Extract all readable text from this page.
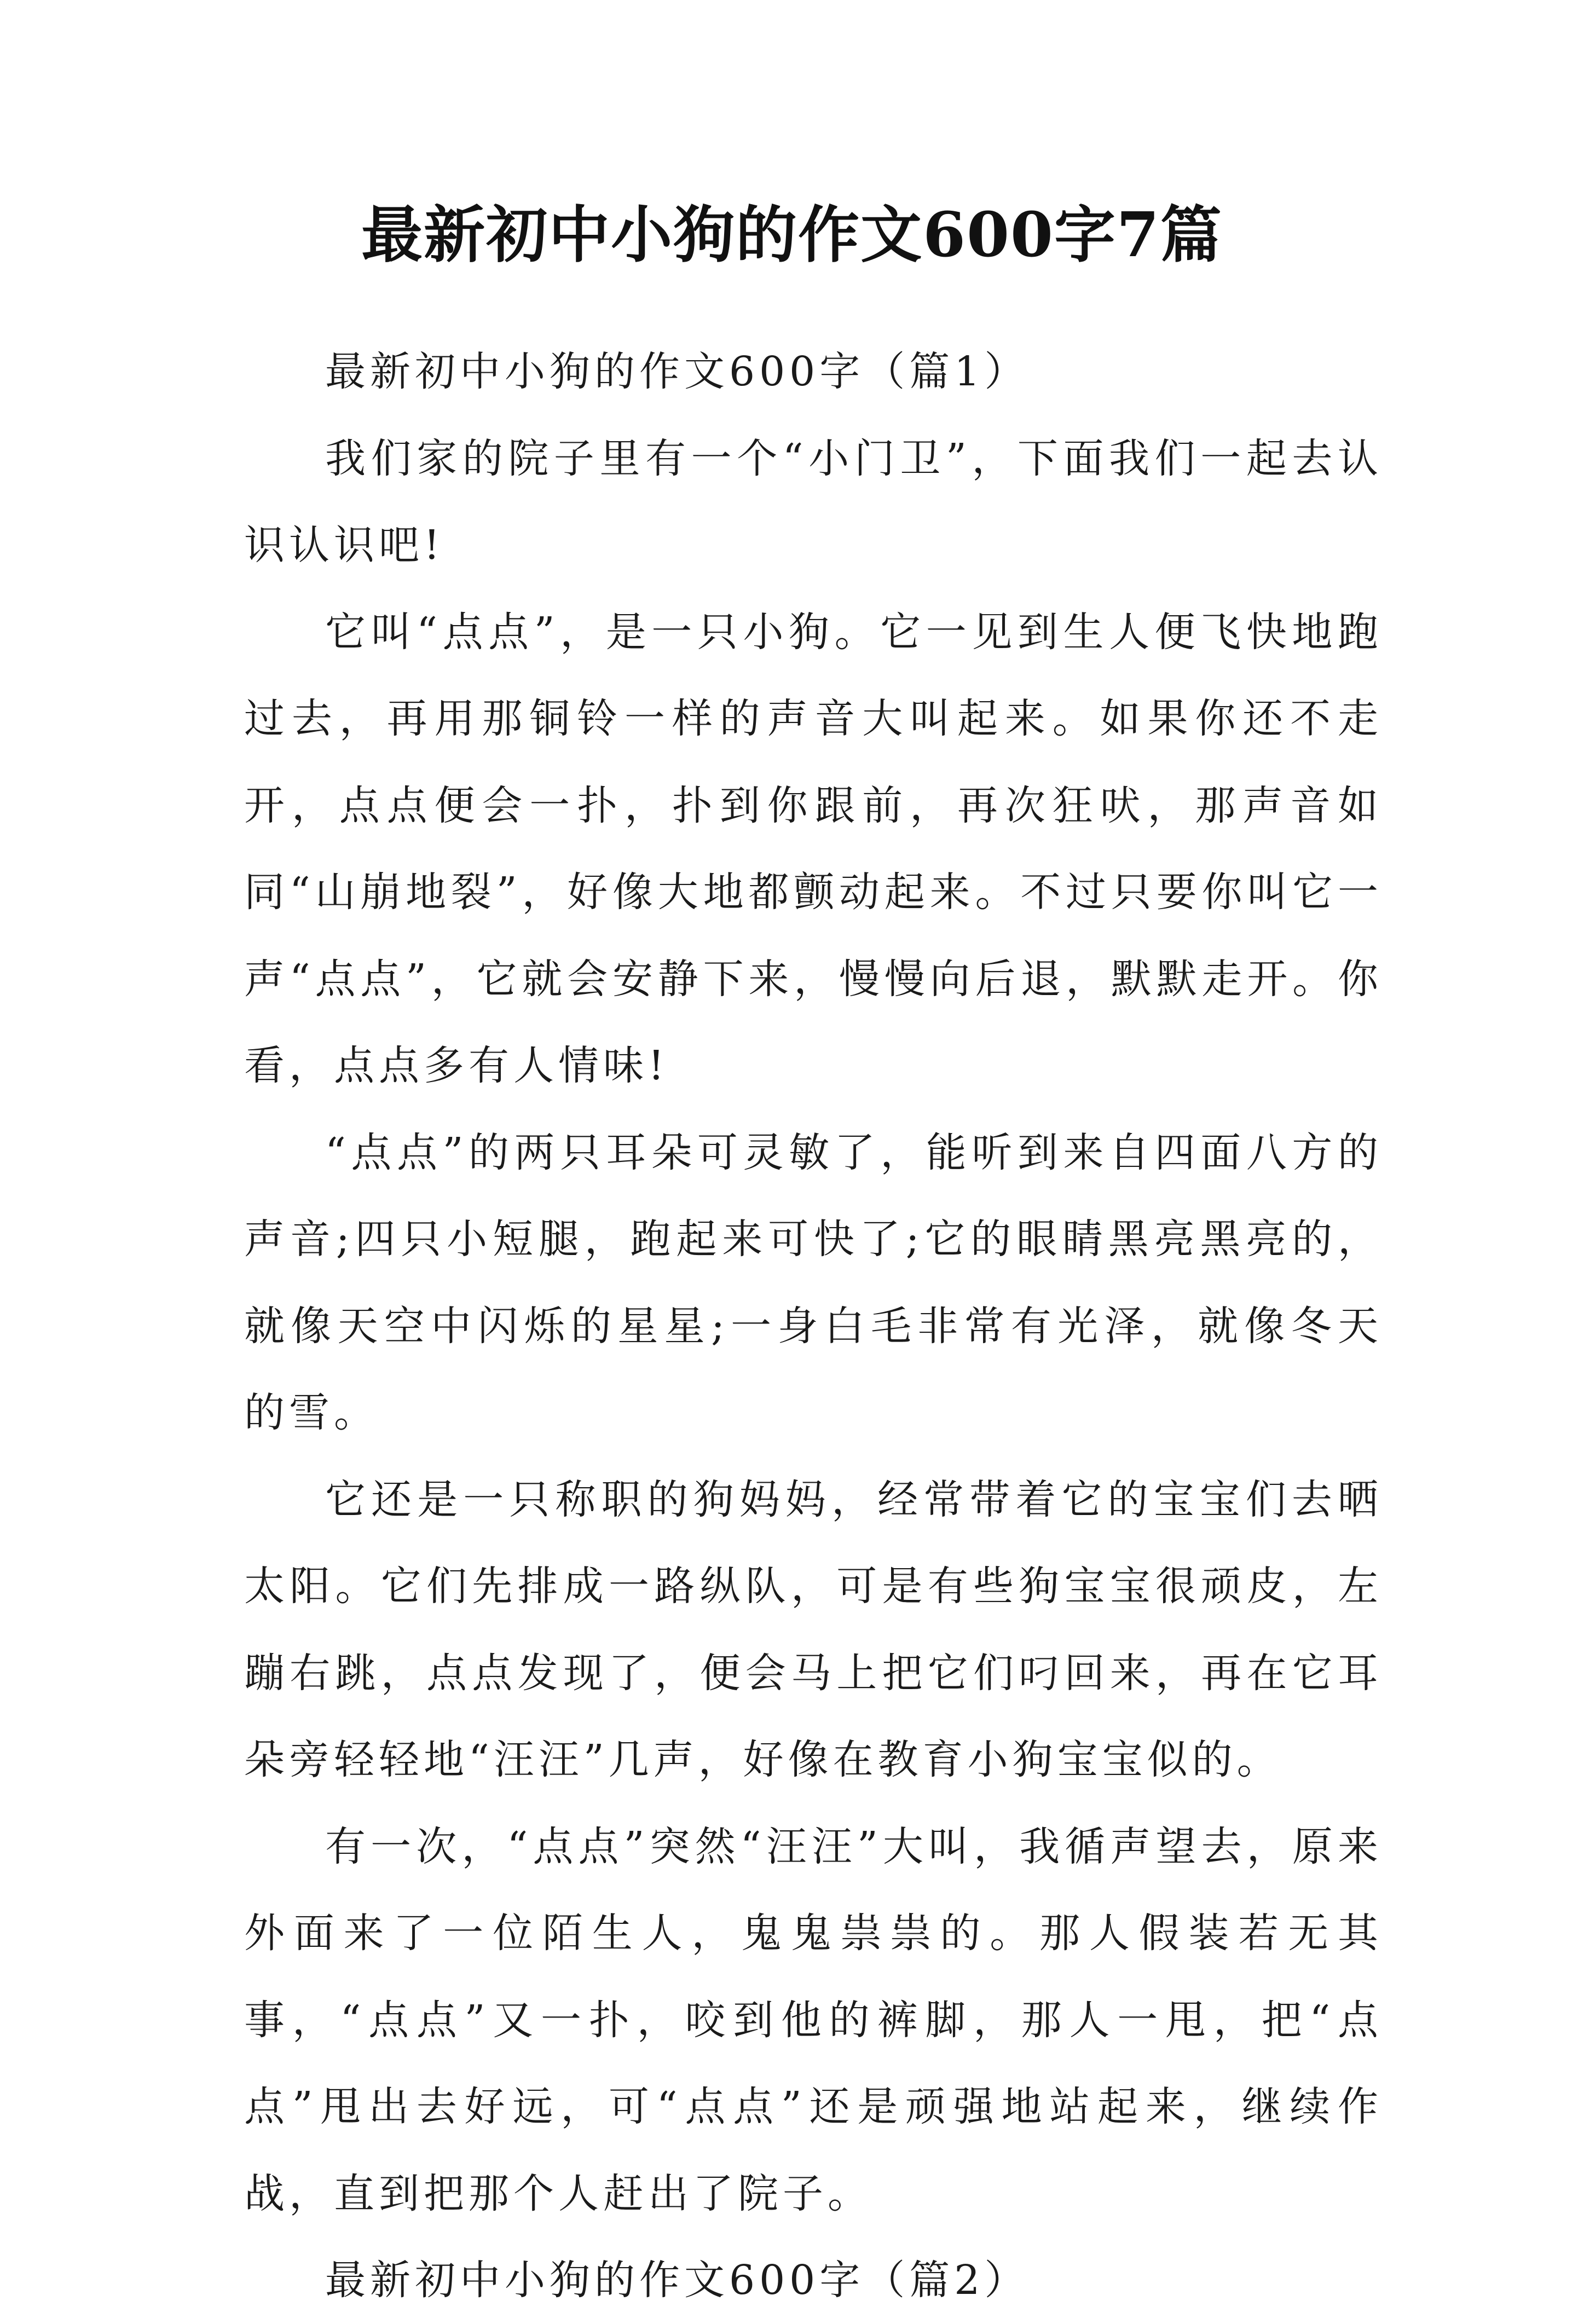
最新初中小狗的作文600字7篇

最新初中小狗的作文600字（篇1）

我们家的院子里有一个“小门卫”，下面我们一起去认识认识吧!

它叫“点点”，是一只小狗。它一见到生人便飞快地跑过去，再用那铜铃一样的声音大叫起来。如果你还不走开，点点便会一扑，扑到你跟前，再次狂吠，那声音如同“山崩地裂”，好像大地都颤动起来。不过只要你叫它一声“点点”，它就会安静下来，慢慢向后退，默默走开。你看，点点多有人情味!

“点点”的两只耳朵可灵敏了，能听到来自四面八方的声音;四只小短腿，跑起来可快了;它的眼睛黑亮黑亮的，就像天空中闪烁的星星;一身白毛非常有光泽，就像冬天的雪。

它还是一只称职的狗妈妈，经常带着它的宝宝们去晒太阳。它们先排成一路纵队，可是有些狗宝宝很顽皮，左蹦右跳，点点发现了，便会马上把它们叼回来，再在它耳朵旁轻轻地“汪汪”几声，好像在教育小狗宝宝似的。

有一次，“点点”突然“汪汪”大叫，我循声望去，原来外面来了一位陌生人，鬼鬼祟祟的。那人假装若无其事，“点点”又一扑，咬到他的裤脚，那人一甩，把“点点”甩出去好远，可“点点”还是顽强地站起来，继续作战，直到把那个人赶出了院子。

最新初中小狗的作文600字（篇2）
